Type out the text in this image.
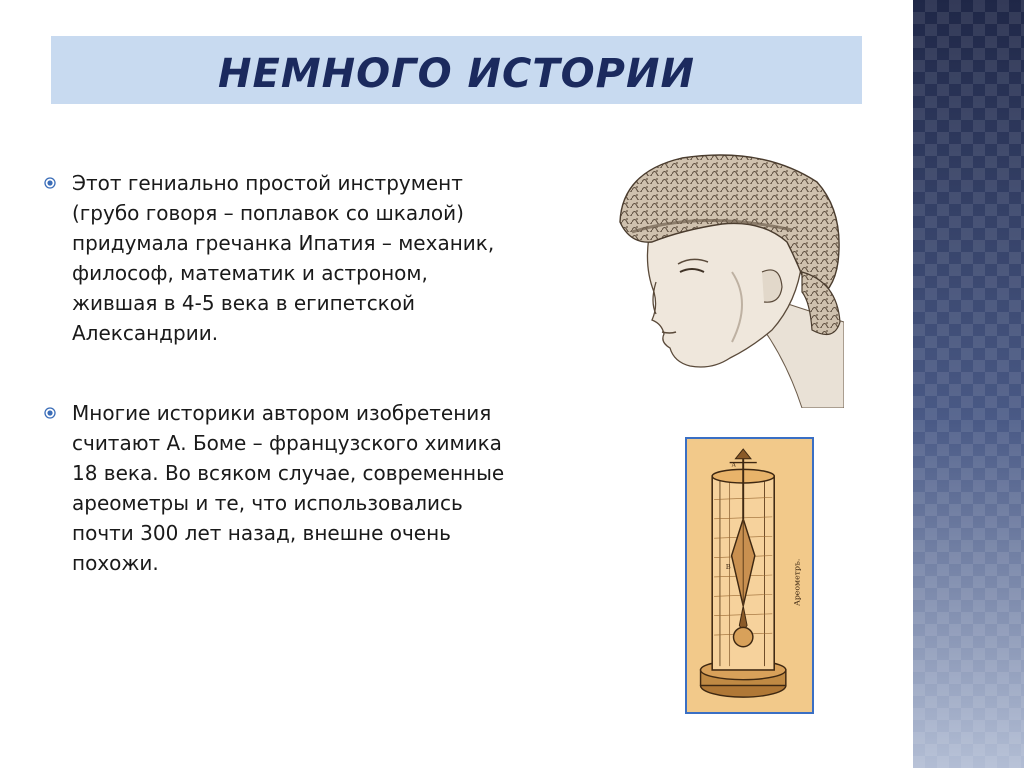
НЕМНОГО ИСТОРИИ
Этот гениально простой инструмент
(грубо говоря – поплавок со шкалой)
придумала гречанка Ипатия – механик,
философ, математик и астроном,
жившая в 4-5 века в египетской
Александрии.
Многие историки автором изобретения
считают А. Боме – французского химика
18 века. Во всяком случае, современные
ареометры и те, что использовались
почти 300 лет назад, внешне очень
похожи.	B
A
Ареометръ.
